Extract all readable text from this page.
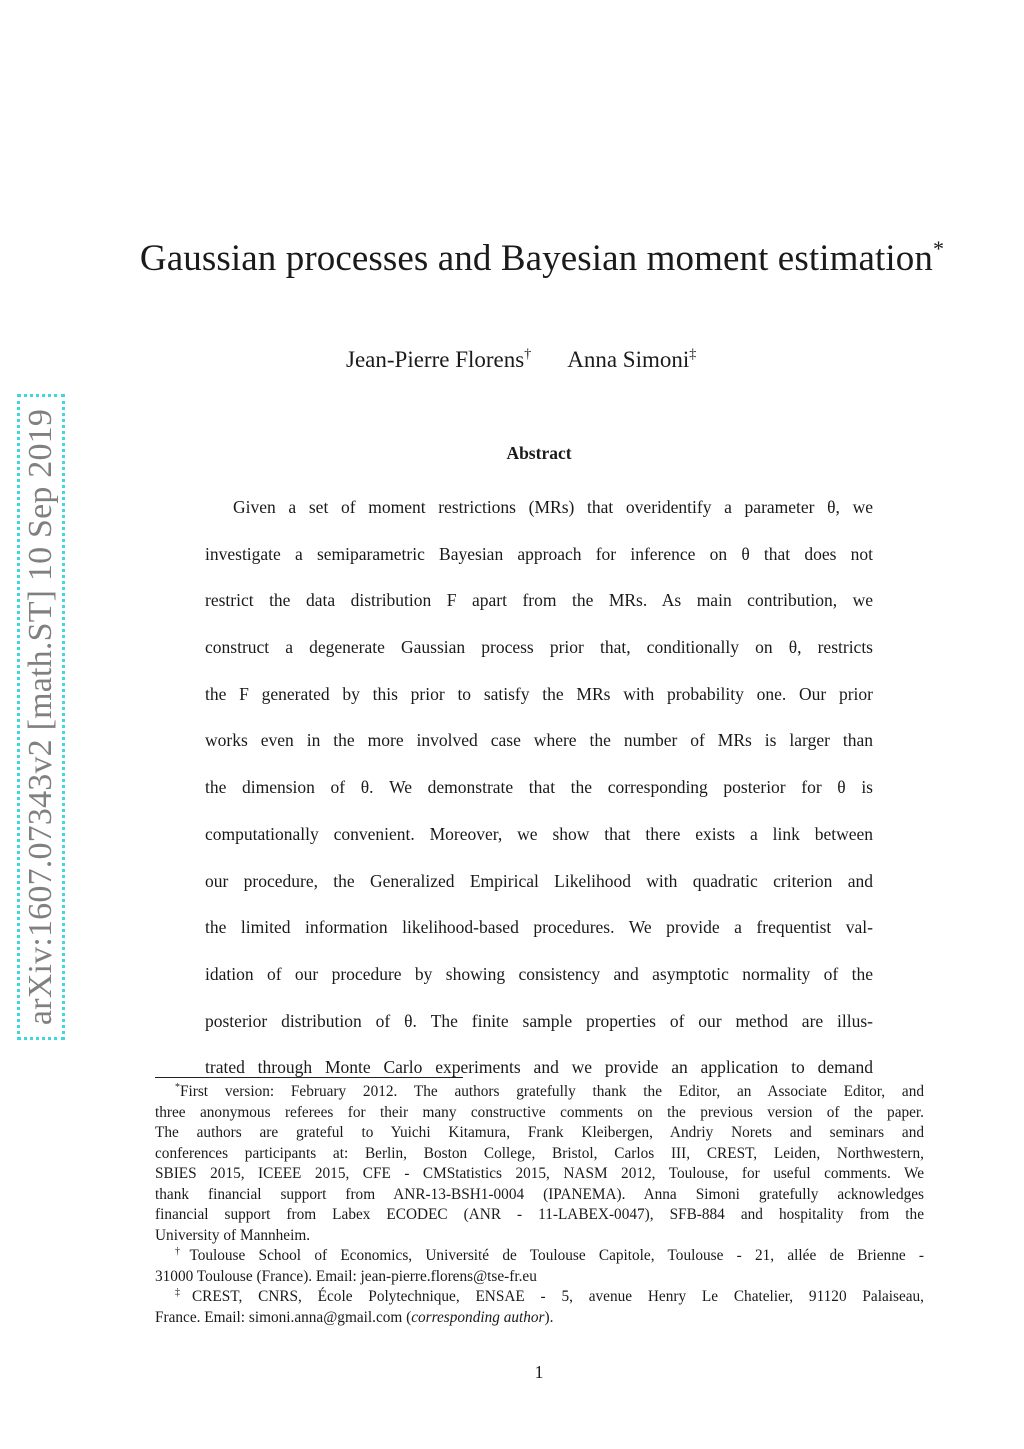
arXiv:1607.07343v2 [math.ST] 10 Sep 2019
Gaussian processes and Bayesian moment estimation*
Jean-Pierre Florens† Anna Simoni‡
Abstract
Given a set of moment restrictions (MRs) that overidentify a parameter θ, we
investigate a semiparametric Bayesian approach for inference on θ that does not
restrict the data distribution F apart from the MRs. As main contribution, we
construct a degenerate Gaussian process prior that, conditionally on θ, restricts
the F generated by this prior to satisfy the MRs with probability one. Our prior
works even in the more involved case where the number of MRs is larger than
the dimension of θ. We demonstrate that the corresponding posterior for θ is
computationally convenient. Moreover, we show that there exists a link between
our procedure, the Generalized Empirical Likelihood with quadratic criterion and
the limited information likelihood-based procedures. We provide a frequentist val-
idation of our procedure by showing consistency and asymptotic normality of the
posterior distribution of θ. The finite sample properties of our method are illus-
trated through Monte Carlo experiments and we provide an application to demand
*First version: February 2012. The authors gratefully thank the Editor, an Associate Editor, and
three anonymous referees for their many constructive comments on the previous version of the paper.
The authors are grateful to Yuichi Kitamura, Frank Kleibergen, Andriy Norets and seminars and
conferences participants at: Berlin, Boston College, Bristol, Carlos III, CREST, Leiden, Northwestern,
SBIES 2015, ICEEE 2015, CFE - CMStatistics 2015, NASM 2012, Toulouse, for useful comments. We
thank financial support from ANR-13-BSH1-0004 (IPANEMA). Anna Simoni gratefully acknowledges
financial support from Labex ECODEC (ANR - 11-LABEX-0047), SFB-884 and hospitality from the
University of Mannheim.
†Toulouse School of Economics, Université de Toulouse Capitole, Toulouse - 21, allée de Brienne -
31000 Toulouse (France). Email: jean-pierre.florens@tse-fr.eu
‡CREST, CNRS, École Polytechnique, ENSAE - 5, avenue Henry Le Chatelier, 91120 Palaiseau,
France. Email: simoni.anna@gmail.com (corresponding author).
1
